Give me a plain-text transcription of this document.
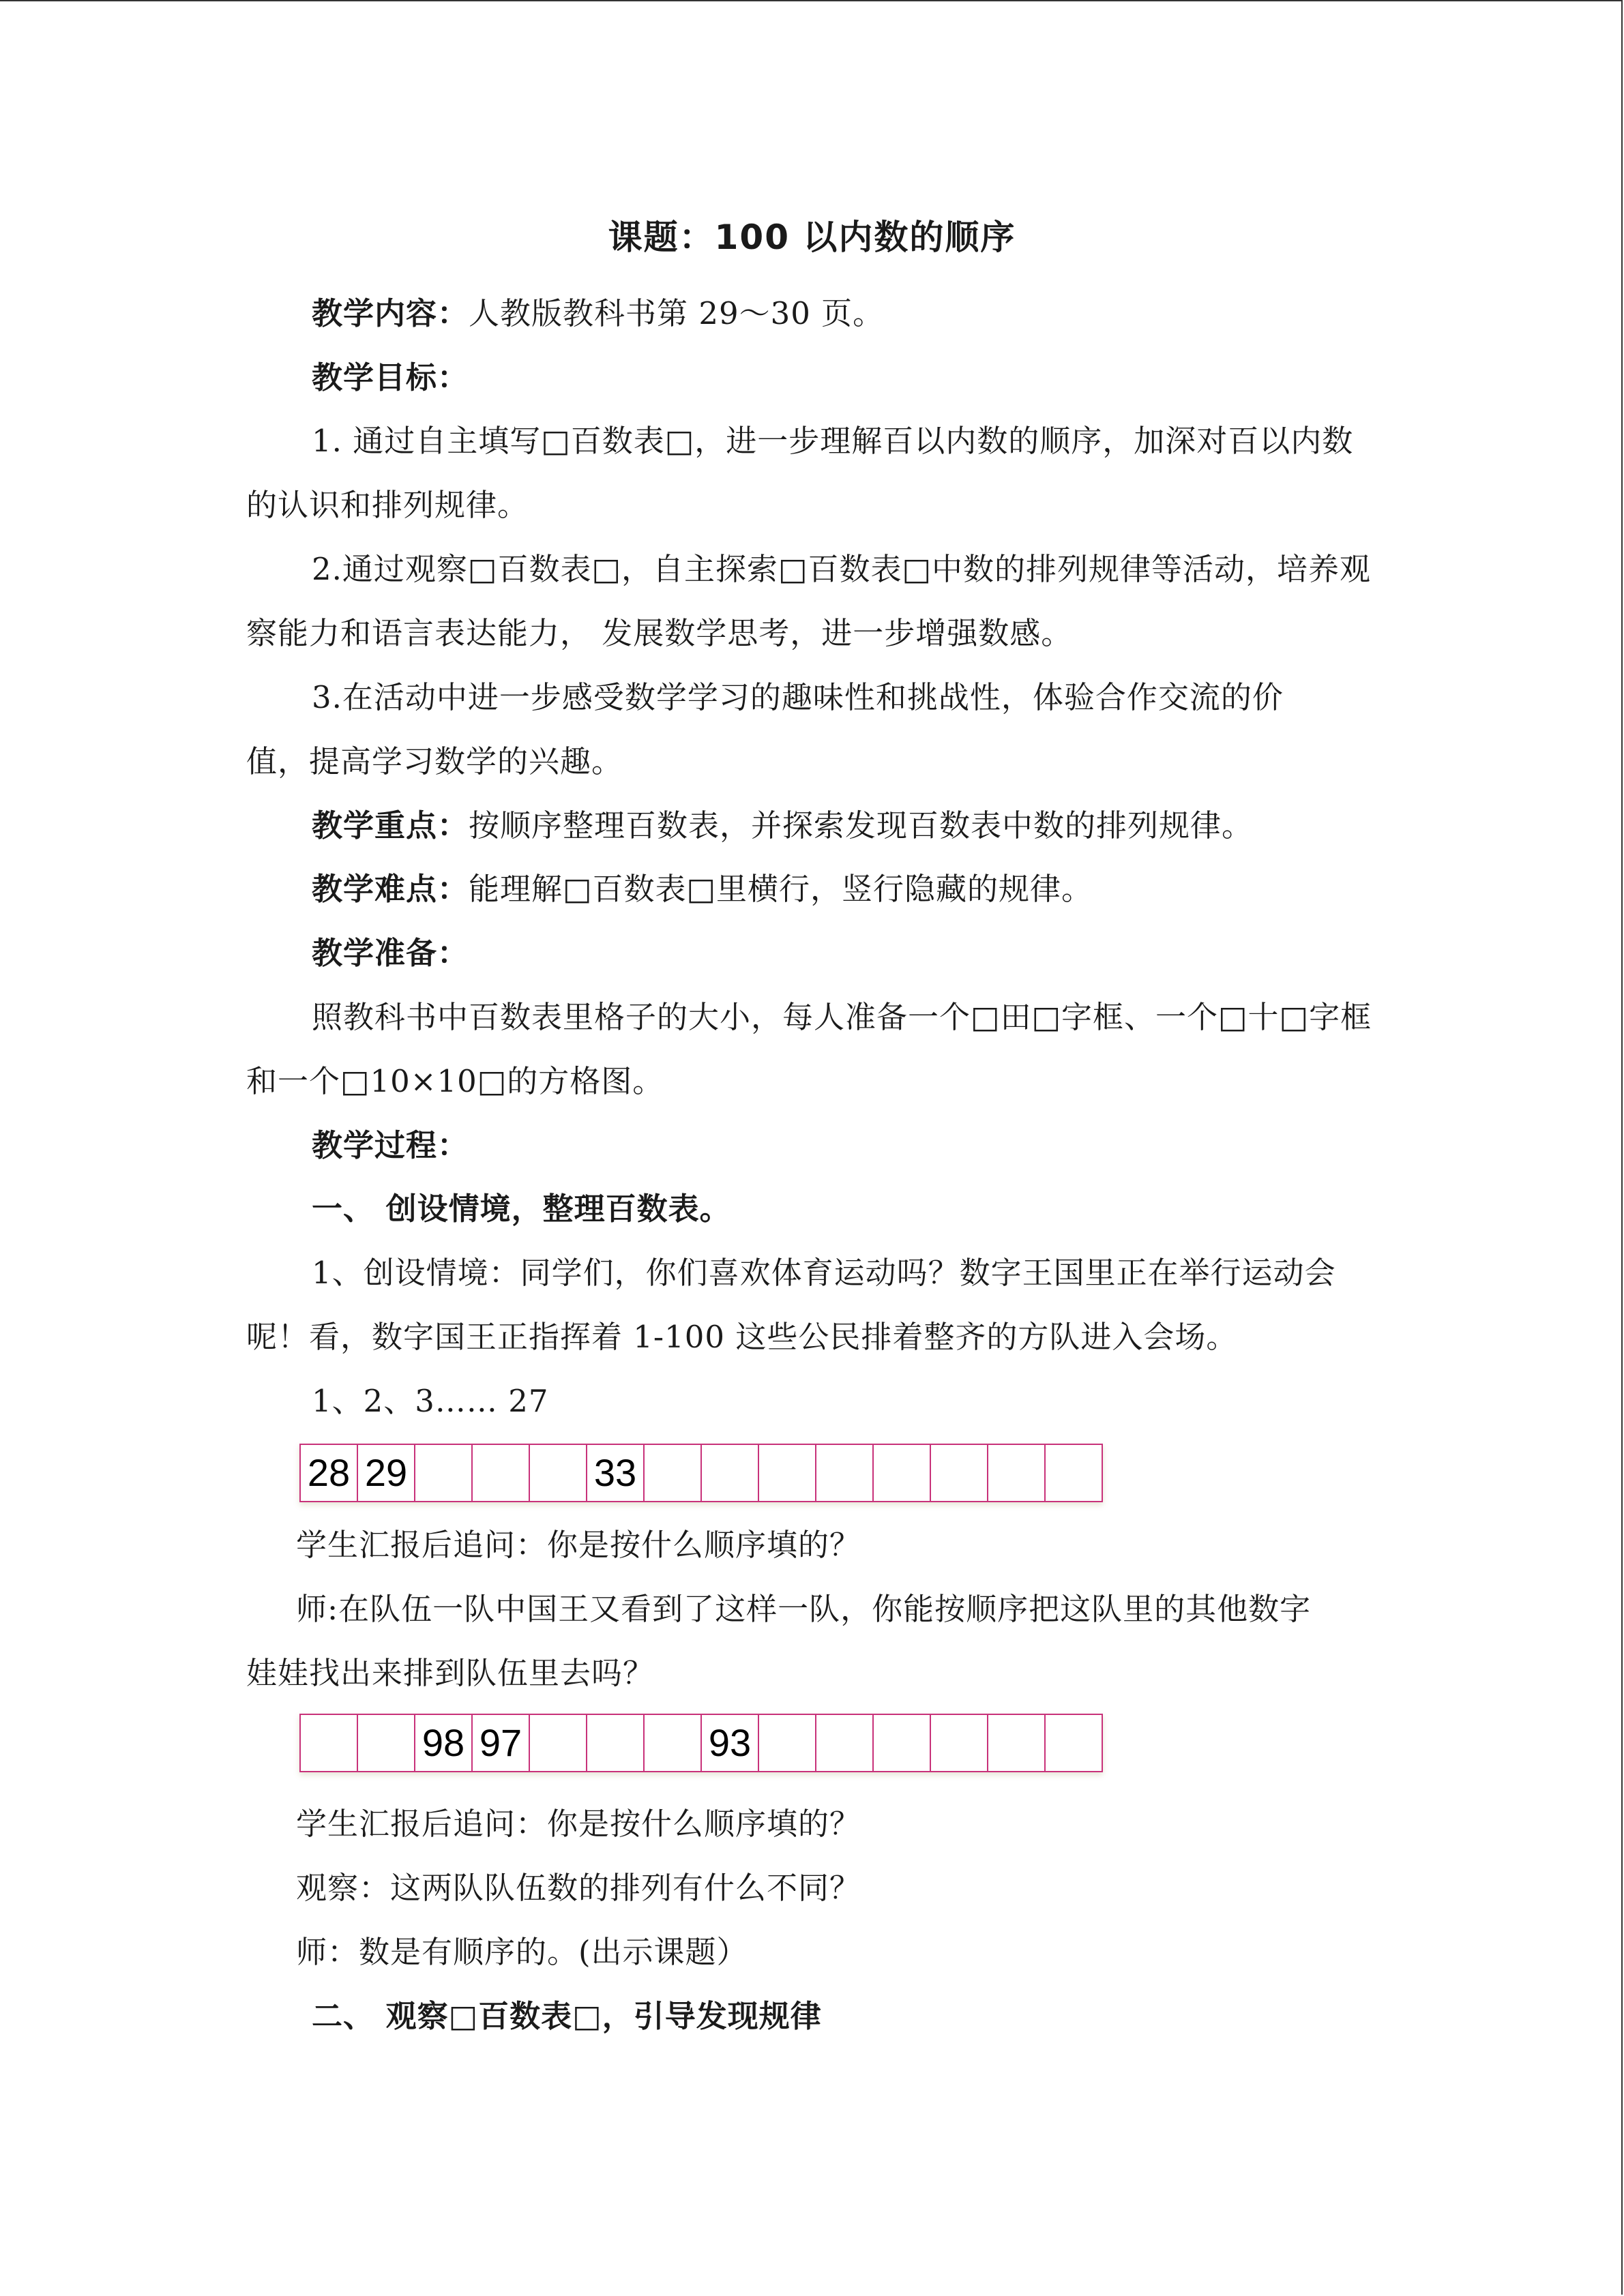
课题：100 以内数的顺序
教学内容：人教版教科书第 29～30 页。
教学目标：
1. 通过自主填写□百数表□，进一步理解百以内数的顺序，加深对百以内数
的认识和排列规律。
2.通过观察□百数表□，自主探索□百数表□中数的排列规律等活动，培养观
察能力和语言表达能力， 发展数学思考，进一步增强数感。
3.在活动中进一步感受数学学习的趣味性和挑战性，体验合作交流的价
值，提高学习数学的兴趣。
教学重点：按顺序整理百数表，并探索发现百数表中数的排列规律。
教学难点：能理解□百数表□里横行，竖行隐藏的规律。
教学准备：
照教科书中百数表里格子的大小，每人准备一个□田□字框、一个□十□字框
和一个□10×10□的方格图。
教学过程：
一、 创设情境，整理百数表。
1、创设情境：同学们，你们喜欢体育运动吗？数字王国里正在举行运动会
呢！看，数字国王正指挥着 1-100 这些公民排着整齐的方队进入会场。
1、2、3…… 27
28 29	33
学生汇报后追问：你是按什么顺序填的？
师:在队伍一队中国王又看到了这样一队，你能按顺序把这队里的其他数字
娃娃找出来排到队伍里去吗？
98 97	93
学生汇报后追问：你是按什么顺序填的？
观察：这两队队伍数的排列有什么不同？
师：数是有顺序的。(出示课题）
二、 观察□百数表□，引导发现规律
